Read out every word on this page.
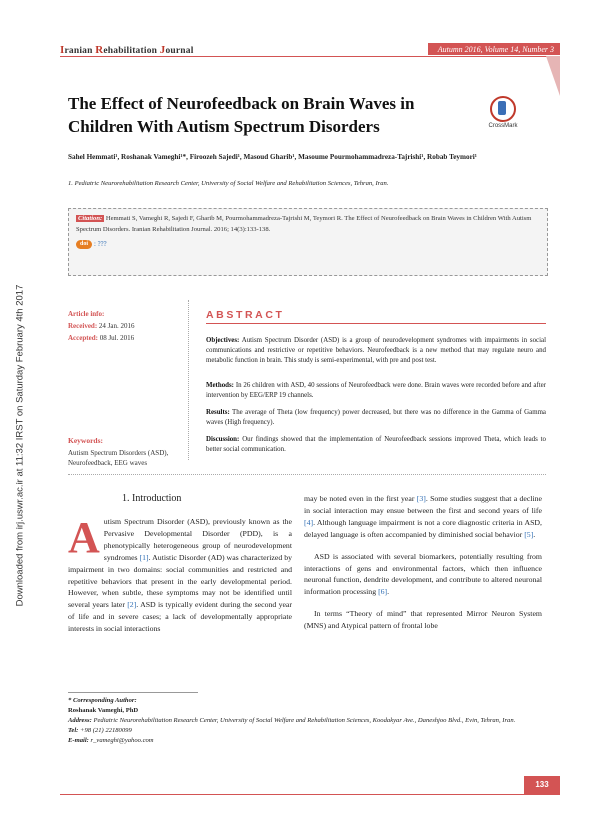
Iranian Rehabilitation Journal	Autumn 2016, Volume 14, Number 3
Downloaded from irj.uswr.ac.ir at 11:32 IRST on Saturday February 4th 2017
The Effect of Neurofeedback on Brain Waves in Children With Autism Spectrum Disorders	CrossMark
Sahel Hemmati¹, Roshanak Vameghi¹*, Firoozeh Sajedi¹, Masoud Gharib¹, Masoume Pourmohammadreza-Tajrishi¹, Robab Teymori¹
1. Pediatric Neurorehabilitation Research Center, University of Social Welfare and Rehabilitation Sciences, Tehran, Iran.
Citation: Hemmati S, Vameghi R, Sajedi F, Gharib M, Pourmohammadreza-Tajrishi M, Teymori R. The Effect of Neurofeedback on Brain Waves in Children With Autism Spectrum Disorders. Iranian Rehabilitation Journal. 2016; 14(3):133-138.
doi : ???
Article info:
Received: 24 Jan. 2016
Accepted: 08 Jul. 2016
Keywords:
Autism Spectrum Disorders (ASD), Neurofeedback, EEG waves
ABSTRACT
Objectives: Autism Spectrum Disorder (ASD) is a group of neurodevelopment syndromes with impairments in social communications and restrictive or repetitive behaviors. Neurofeedback is a new method that may regulate neuro and metabolic function in brain. This study is semi-experimental, with pre and post test.
Methods: In 26 children with ASD, 40 sessions of Neurofeedback were done. Brain waves were recorded before and after intervention by EEG/ERP 19 channels.
Results: The average of Theta (low frequency) power decreased, but there was no difference in the Gamma of Gamma waves (High frequency).
Discussion: Our findings showed that the implementation of Neurofeedback sessions improved Theta, which leads to better social communication.
1. Introduction

Autism Spectrum Disorder (ASD), previously known as the Pervasive Developmental Disorder (PDD), is a phenotypically heterogeneous group of neurodevelopment syndromes [1]. Autistic Disorder (AD) was characterized by impairment in two domains: social communities and restricted and repetitive behaviors that present in the early developmental period. However, when subtle, these symptoms may not be identified until several years later [2]. ASD is typically evident during the second year of life and in severe cases; a lack of developmentally appropriate interests in social interactions

may be noted even in the first year [3]. Some studies suggest that a decline in social interaction may ensue between the first and second years of life [4]. Although language impairment is not a core diagnostic criteria in ASD, delayed language is often accompanied by diminished social behavior [5].

ASD is associated with several biomarkers, potentially resulting from interactions of gens and environmental factors, which then influence neuronal function, dendrite development, and contribute to altered neuronal information processing [6].

In terms “Theory of mind” that represented Mirror Neuron System (MNS) and Atypical pattern of frontal lobe

* Corresponding Author:
Roshanak Vameghi, PhD
Address: Pediatric Neurorehabilitation Research Center, University of Social Welfare and Rehabilitation Sciences, Koodakyar Ave., Daneshjoo Blvd., Evin, Tehran, Iran.
Tel: +98 (21) 22180099
E-mail: r_vameghi@yahoo.com
133
